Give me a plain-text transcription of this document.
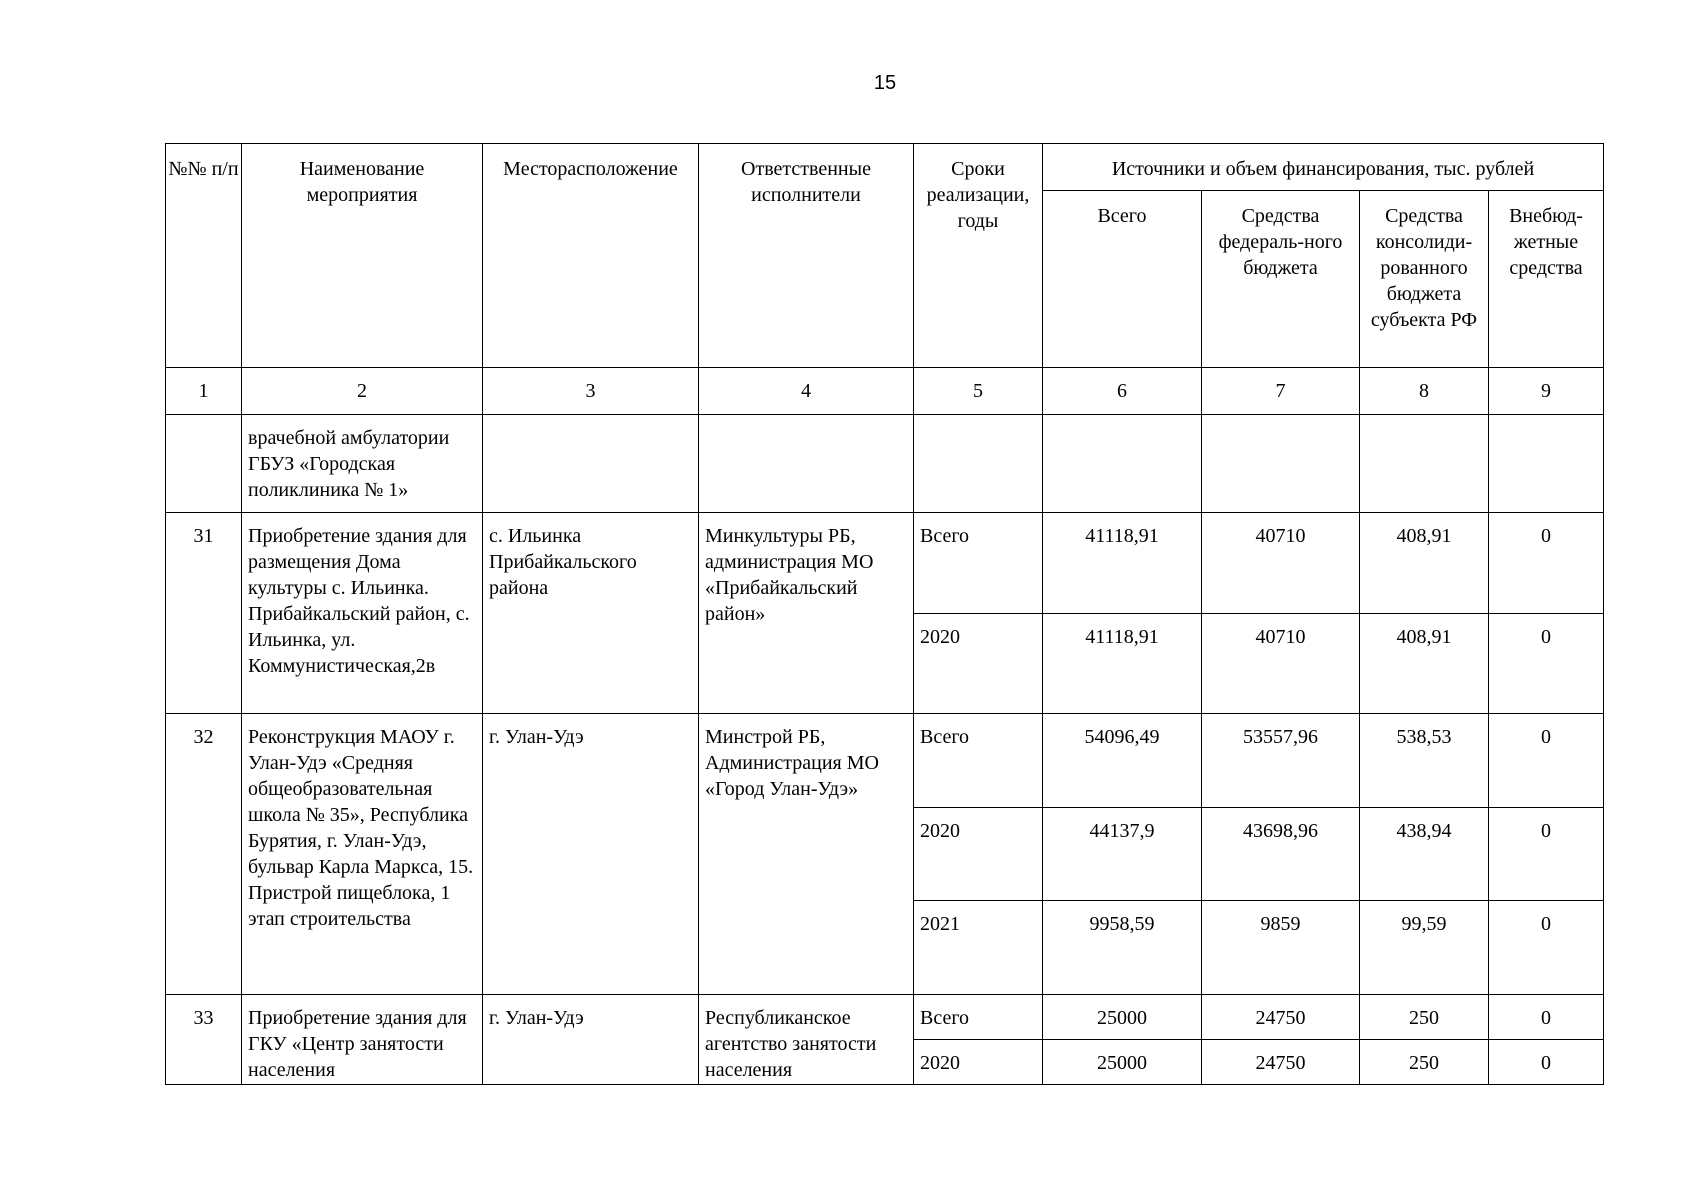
15
№№ п/п	Наименование мероприятия	Месторасположение	Ответственные исполнители	Сроки реализации, годы	Источники и объем финансирования, тыс. рублей			
					Всего	Средства федераль-ного бюджета	Средства консолиди-рованного бюджета субъекта РФ	Внебюд-жетные средства
1	2	3	4	5	6	7	8	9
	врачебной амбулатории ГБУЗ «Городская поликлиника № 1»							
31	Приобретение здания для размещения Дома культуры с. Ильинка. Прибайкальский район, с. Ильинка, ул. Коммунистическая,2в	с. Ильинка Прибайкальского района	Минкультуры РБ, администрация МО «Прибайкальский район»	Всего	41118,91	40710	408,91	0
				2020	41118,91	40710	408,91	0
32	Реконструкция МАОУ г. Улан-Удэ «Средняя общеобразовательная школа № 35», Республика Бурятия, г. Улан-Удэ, бульвар Карла Маркса, 15. Пристрой пищеблока, 1 этап строительства	г. Улан-Удэ	Минстрой РБ, Администрация МО «Город Улан-Удэ»	Всего	54096,49	53557,96	538,53	0
				2020	44137,9	43698,96	438,94	0
				2021	9958,59	9859	99,59	0
33	Приобретение здания для ГКУ «Центр занятости населения	г. Улан-Удэ	Республиканское агентство занятости населения	Всего	25000	24750	250	0
				2020	25000	24750	250	0
